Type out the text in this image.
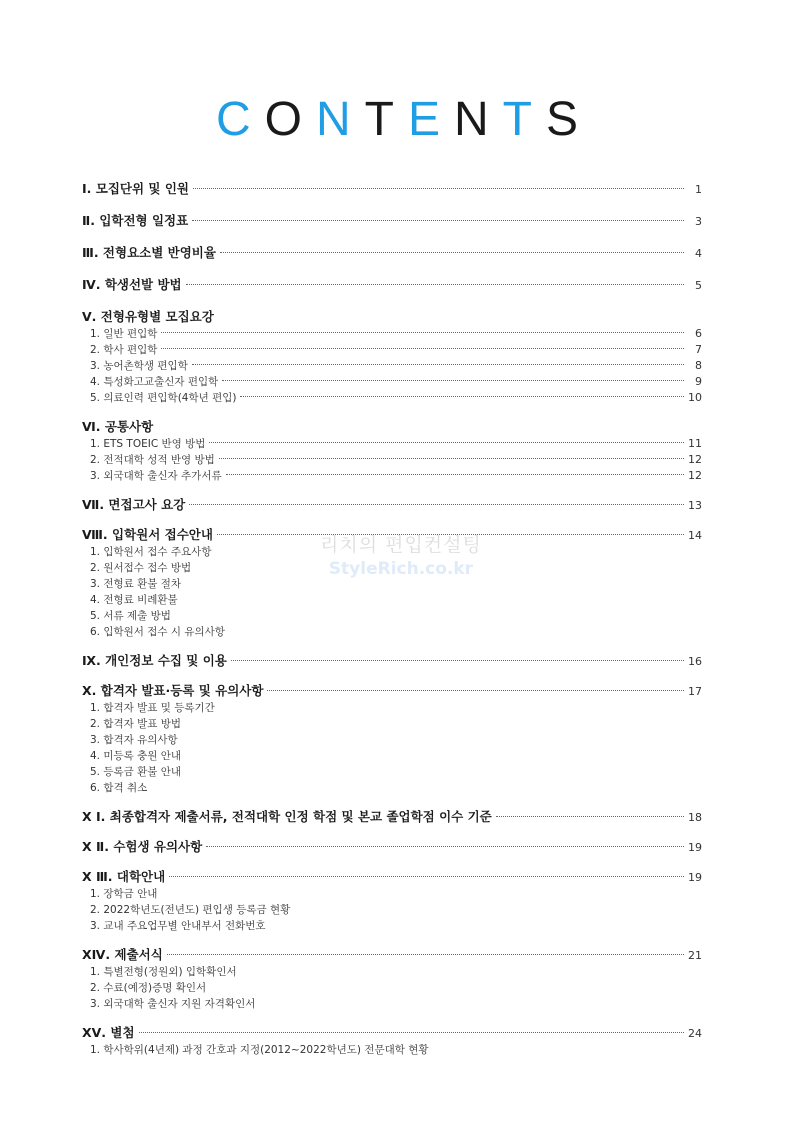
CONTENTS
Ⅰ. 모집단위 및 인원	1
Ⅱ. 입학전형 일정표	3
Ⅲ. 전형요소별 반영비율	4
Ⅳ. 학생선발 방법	5
Ⅴ. 전형유형별 모집요강
1. 일반 편입학	6
2. 학사 편입학	7
3. 농어촌학생 편입학	8
4. 특성화고교출신자 편입학	9
5. 의료인력 편입학(4학년 편입)	10
Ⅵ. 공통사항
1. ETS TOEIC 반영 방법	11
2. 전적대학 성적 반영 방법	12
3. 외국대학 출신자 추가서류	12
Ⅶ. 면접고사 요강	13
Ⅷ. 입학원서 접수안내	14
1. 입학원서 접수 주요사항
2. 원서접수 접수 방법
3. 전형료 환불 절차
4. 전형료 비례환불
5. 서류 제출 방법
6. 입학원서 접수 시 유의사항
Ⅸ. 개인정보 수집 및 이용	16
Ⅹ. 합격자 발표·등록 및 유의사항	17
1. 합격자 발표 및 등록기간
2. 합격자 발표 방법
3. 합격자 유의사항
4. 미등록 충원 안내
5. 등록금 환불 안내
6. 합격 취소
Ⅹ Ⅰ. 최종합격자 제출서류, 전적대학 인정 학점 및 본교 졸업학점 이수 기준	18
Ⅹ Ⅱ. 수험생 유의사항	19
Ⅹ Ⅲ. 대학안내	19
1. 장학금 안내
2. 2022학년도(전년도) 편입생 등록금 현황
3. 교내 주요업무별 안내부서 전화번호
ⅩⅣ. 제출서식	21
1. 특별전형(정원외) 입학확인서
2. 수료(예정)증명 확인서
3. 외국대학 출신자 지원 자격확인서
ⅩⅤ. 별첨	24
1. 학사학위(4년제) 과정 간호과 지정(2012~2022학년도) 전문대학 현황
리치의 편입컨설팅
StyleRich.co.kr
